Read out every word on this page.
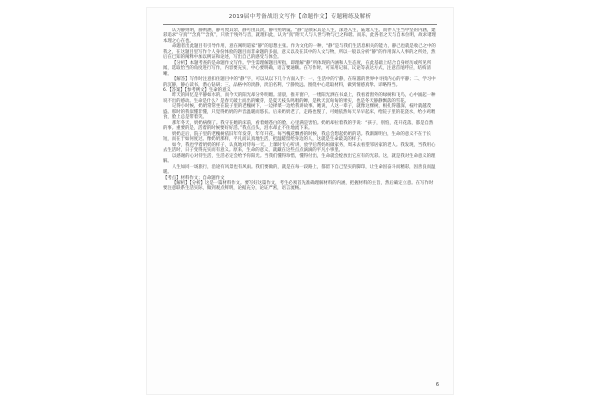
2019届中考备战语文写作【命题作文】专题精练及解析

认为静则明，静则涵，静可致其余，静可由其淡，静可照明镜。“静”是颜宋其是人生，深述入生，陆逸人生。而伴人生当中坚的内涵，建彩追求“守真”“含真”“含真”，只欣于残外与音，就理归此，认为“真”附天人与人世与物与已之和谐。而乐，此各者之天与自本位明，故求诸理本理之心在也。

命题者出此题目有引导作用，意在阐明道家“静”的思想主张。作为文化的一种，“静”是与我们生活息相关的能力，静己也就是收己之中的我之，在这题目里写作个人身份体验的题目而非命题的多面，意义以及在其中的人文与物，所以一般以分析“静”的作用深入人事的之所处，然后在已知的阐释中加以例证和论述，写出自己的感受与体会。

【分析】本题考查的是命题作文写作。学生需理解题目所指，即理解“静”所体现的内涵和人生态度，在此基础上结合自身经历或所见所闻，选取恰当的角度进行写作，内容要充实，中心要明确，语言要通顺。在写作时，可采用记叙、议论等表达方式，注意首尾呼应，结构清晰。

【解答】写作时注意扣住题目中的“静”字，可以从以下几个方面入手：一、生活中的宁静，在喧嚣的世界中寻找内心的平静；二、学习中的沉静，静心读书，潜心钻研；三、品格中的淡静，淡泊名利，宁静致远。围绕中心选取材料，做到情感真挚、详略得当。

6.【答案】【参考例文】生命的意义

昨天的回忆是平静如水的，而今天的阳光却分外明媚。清晨，推开窗户，一缕阳光洒在书桌上，我看着窗外的绿树和飞鸟，心中涌起一种说不出的感动。生命是什么？是春天破土而出的嫩芽，是夏天枝头鸣唱的蝉，是秋天沉甸甸的果实，也是冬天静静飘落的雪花。

记得小时候，奶奶常常坐在院子里的老槐树下，一边择菜一边给我讲故事。她说，人这一辈子，就像这棵树，根扎得越深，枝叶就越茂盛。那时的我似懂非懂，只觉得奶奶的声音温暖而悠长。后来奶奶老了，走路也慢了，可她依然每天早早起床，给院子里的花浇水，给小鸡喂食，脸上总是带着笑。

那年冬天，奶奶病倒了。我守在她的床前，看着她苍白的脸，心里满是害怕。奶奶却拉着我的手说：“孩子，别怕，花开花落，都是自然的事。重要的是，活着的时候要好好活。”我点点头，泪水却止不住地流下来。

奶奶走后，院子里的老槐树依旧年年发芽，年年开花。每当槐花飘香的时候，我总会想起奶奶的话。我渐渐明白，生命的意义不在于长短，而在于如何度过。像奶奶那样，平凡而认真地生活，把温暖留给身边的人，这就是生命最美的样子。

如今，我也学着奶奶的样子，认真地对待每一天。上课时专心听讲，放学后帮妈妈做家务，周末去看望邻居家的老人。我发现，当我用心去生活时，日子变得充实而有意义。原来，生命的意义，就藏在这些点点滴滴的平凡小事里。

以感谢的心对待生活，生活必定会给予你阳光。当我们懂得珍惜，懂得付出，生命就会绽放出它应有的光彩。这，就是我对生命意义的理解。

人生如同一场旅行，沿途有风景也有风雨。我们要做的，就是在每一段路上，都留下自己坚实的脚印，让生命因奋斗而精彩，因善良而温暖。

【考点】材料作文；自命题作文

【解析】【分析】这是一篇材料作文。要写好这篇作文，考生必须首先准确理解材料的内涵，把握材料的主旨，然后确定立意。在写作时要注意联系生活实际，做到观点鲜明，论据充分，论证严密，语言流畅。

6
